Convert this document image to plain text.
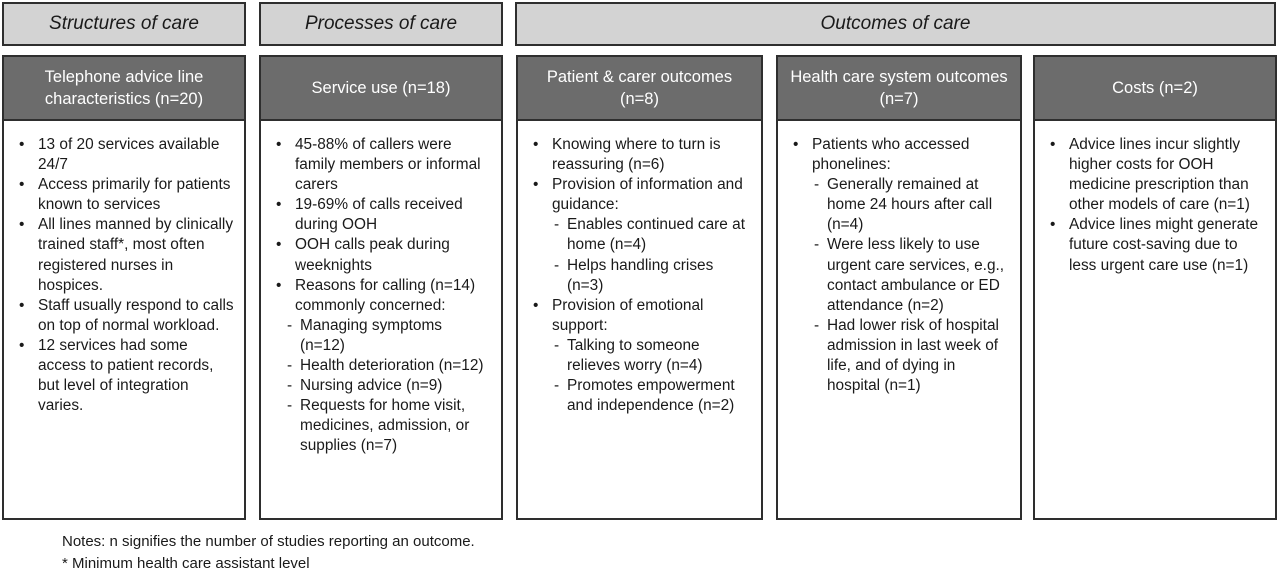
Structures of care	Processes of care	Outcomes of care
Telephone advice line characteristics (n=20)
• 13 of 20 services available 24/7
• Access primarily for patients known to services
• All lines manned by clinically trained staff*, most often registered nurses in hospices.
• Staff usually respond to calls on top of normal workload.
• 12 services had some access to patient records, but level of integration varies.
Service use (n=18)
• 45-88% of callers were family members or informal carers
• 19-69% of calls received during OOH
• OOH calls peak during weeknights
• Reasons for calling (n=14) commonly concerned:
- Managing symptoms (n=12)
- Health deterioration (n=12)
- Nursing advice (n=9)
- Requests for home visit, medicines, admission, or supplies (n=7)
Patient & carer outcomes (n=8)
• Knowing where to turn is reassuring (n=6)
• Provision of information and guidance:
- Enables continued care at home (n=4)
- Helps handling crises (n=3)
• Provision of emotional support:
- Talking to someone relieves worry (n=4)
- Promotes empowerment and independence (n=2)
Health care system outcomes (n=7)
• Patients who accessed phonelines:
- Generally remained at home 24 hours after call (n=4)
- Were less likely to use urgent care services, e.g., contact ambulance or ED attendance (n=2)
- Had lower risk of hospital admission in last week of life, and of dying in hospital (n=1)
Costs (n=2)
• Advice lines incur slightly higher costs for OOH medicine prescription than other models of care (n=1)
• Advice lines might generate future cost-saving due to less urgent care use (n=1)
Notes: n signifies the number of studies reporting an outcome.
* Minimum health care assistant level
